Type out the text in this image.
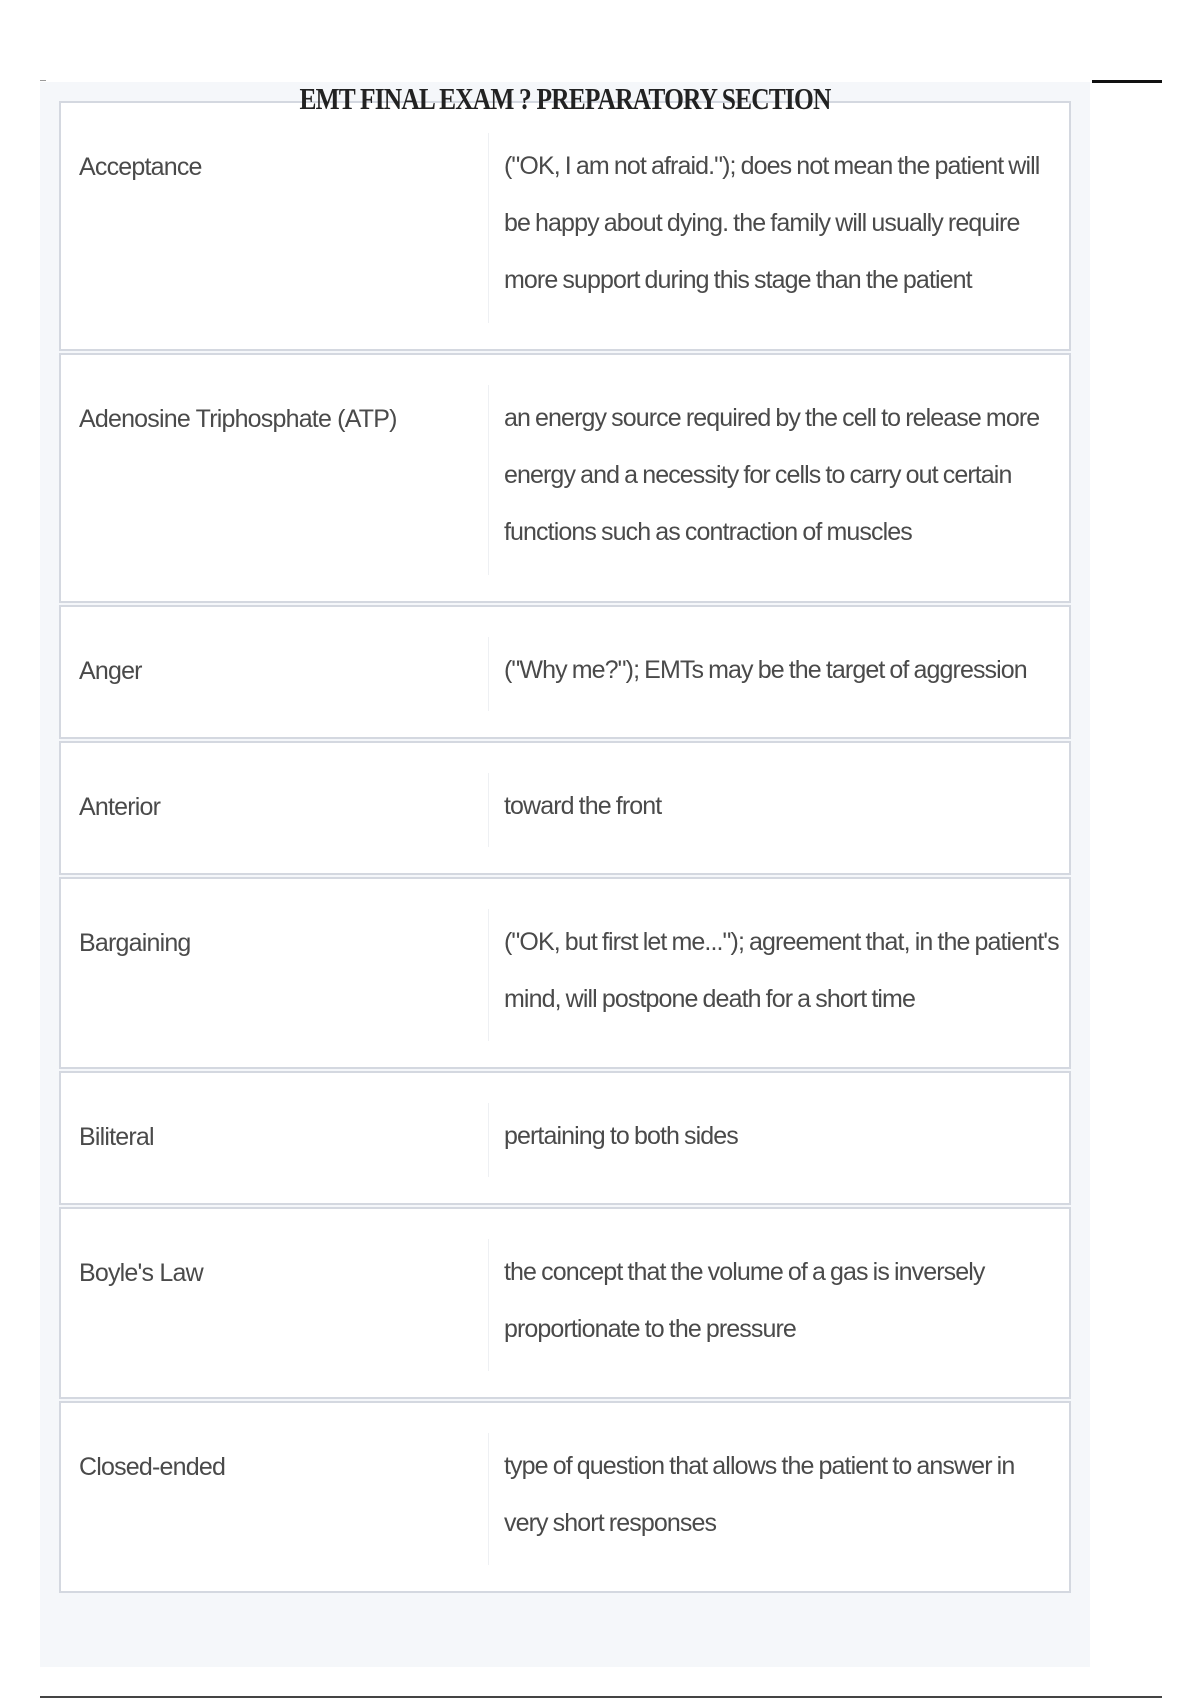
EMT FINAL EXAM ? PREPARATORY SECTION
Acceptance	("OK, I am not afraid."); does not mean the patient will be happy about dying. the family will usually require more support during this stage than the patient
Adenosine Triphosphate (ATP)	an energy source required by the cell to release more energy and a necessity for cells to carry out certain functions such as contraction of muscles
Anger	("Why me?"); EMTs may be the target of aggression
Anterior	toward the front
Bargaining	("OK, but first let me..."); agreement that, in the patient's mind, will postpone death for a short time
Biliteral	pertaining to both sides
Boyle's Law	the concept that the volume of a gas is inversely proportionate to the pressure
Closed-ended	type of question that allows the patient to answer in very short responses
